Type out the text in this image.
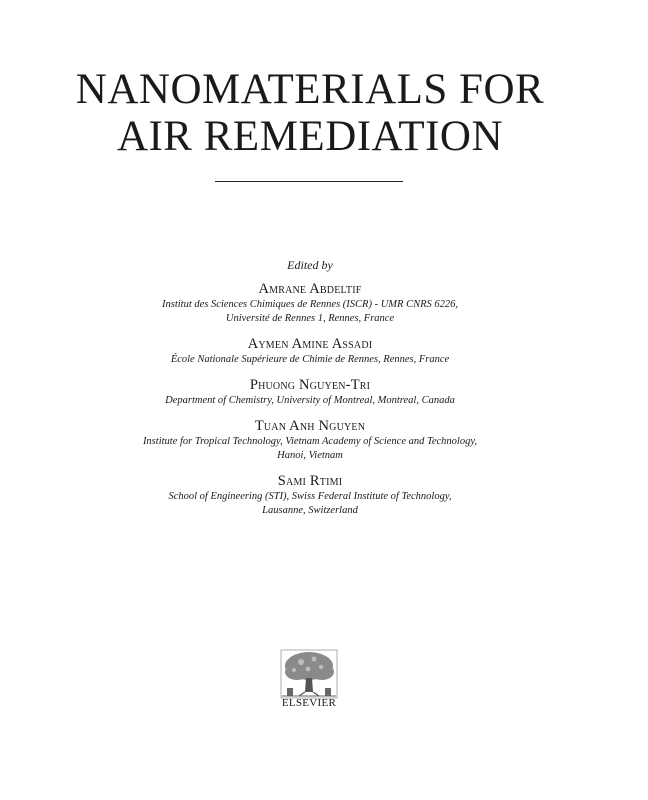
NANOMATERIALS FOR
AIR REMEDIATION
Edited by
Amrane Abdeltif
Institut des Sciences Chimiques de Rennes (ISCR) - UMR CNRS 6226,
Université de Rennes 1, Rennes, France
Aymen Amine Assadi
École Nationale Supérieure de Chimie de Rennes, Rennes, France
Phuong Nguyen-Tri
Department of Chemistry, University of Montreal, Montreal, Canada
Tuan Anh Nguyen
Institute for Tropical Technology, Vietnam Academy of Science and Technology,
Hanoi, Vietnam
Sami Rtimi
School of Engineering (STI), Swiss Federal Institute of Technology,
Lausanne, Switzerland
ELSEVIER
